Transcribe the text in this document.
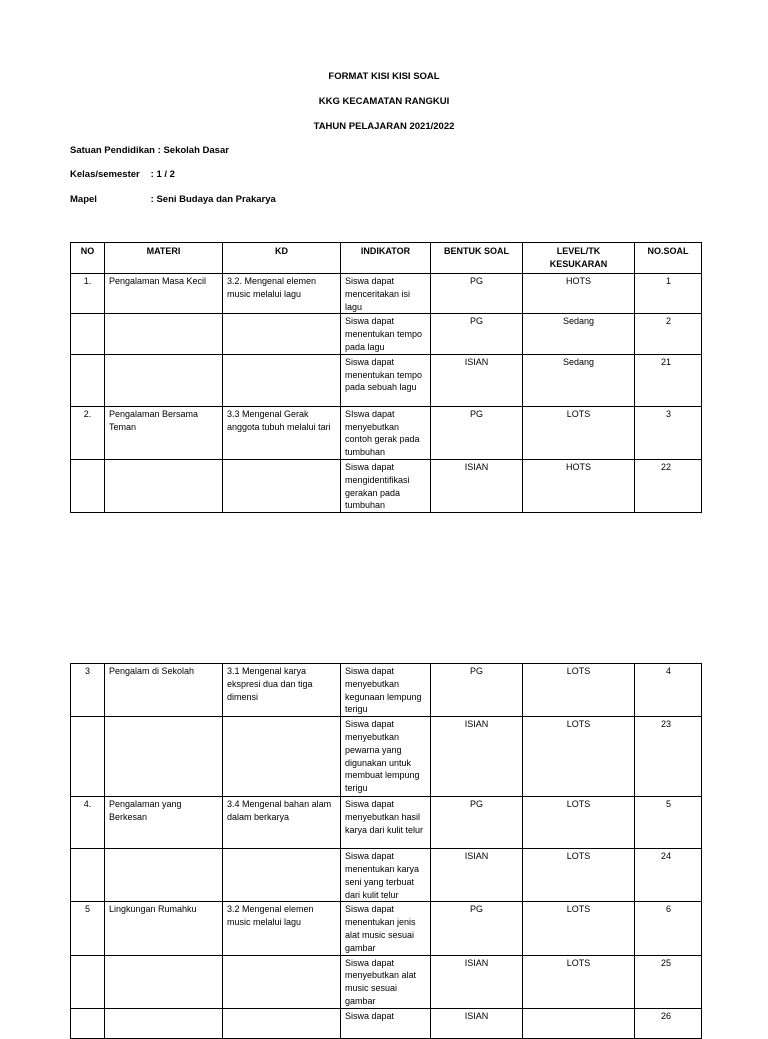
FORMAT KISI KISI SOAL
KKG KECAMATAN RANGKUI
TAHUN PELAJARAN 2021/2022
Satuan Pendidikan : Sekolah Dasar
Kelas/semester : 1 / 2
Mapel	: Seni Budaya dan Prakarya
NO	MATERI	KD	INDIKATOR	BENTUK SOAL	LEVEL/TK KESUKARAN	NO.SOAL
1.	Pengalaman Masa Kecil	3.2. Mengenal elemen music melalui lagu	Siswa dapat menceritakan isi lagu	PG	HOTS	1
			Siswa dapat menentukan tempo pada lagu	PG	Sedang	2
			Siswa dapat menentukan tempo pada sebuah lagu	ISIAN	Sedang	21
2.	Pengalaman Bersama Teman	3.3 Mengenal Gerak anggota tubuh melalui tari	SIswa dapat menyebutkan contoh gerak pada tumbuhan	PG	LOTS	3
			Siswa dapat mengidentifikasi gerakan pada tumbuhan	ISIAN	HOTS	22
3	Pengalam di Sekolah	3.1 Mengenal karya ekspresi dua dan tiga dimensi	Siswa dapat menyebutkan kegunaan lempung terigu	PG	LOTS	4
			Siswa dapat menyebutkan pewarna yang digunakan untuk membuat lempung terigu	ISIAN	LOTS	23
4.	Pengalaman yang Berkesan	3.4 Mengenal bahan alam dalam berkarya	Siswa dapat menyebutkan hasil karya dari kulit telur	PG	LOTS	5
			Siswa dapat menentukan karya seni yang terbuat dari kulit telur	ISIAN	LOTS	24
5	Lingkungan Rumahku	3.2 Mengenal elemen music melalui lagu	Siswa dapat menentukan jenis alat music sesuai gambar	PG	LOTS	6
			Siswa dapat menyebutkan alat music sesuai gambar	ISIAN	LOTS	25
			Siswa dapat	ISIAN		26
